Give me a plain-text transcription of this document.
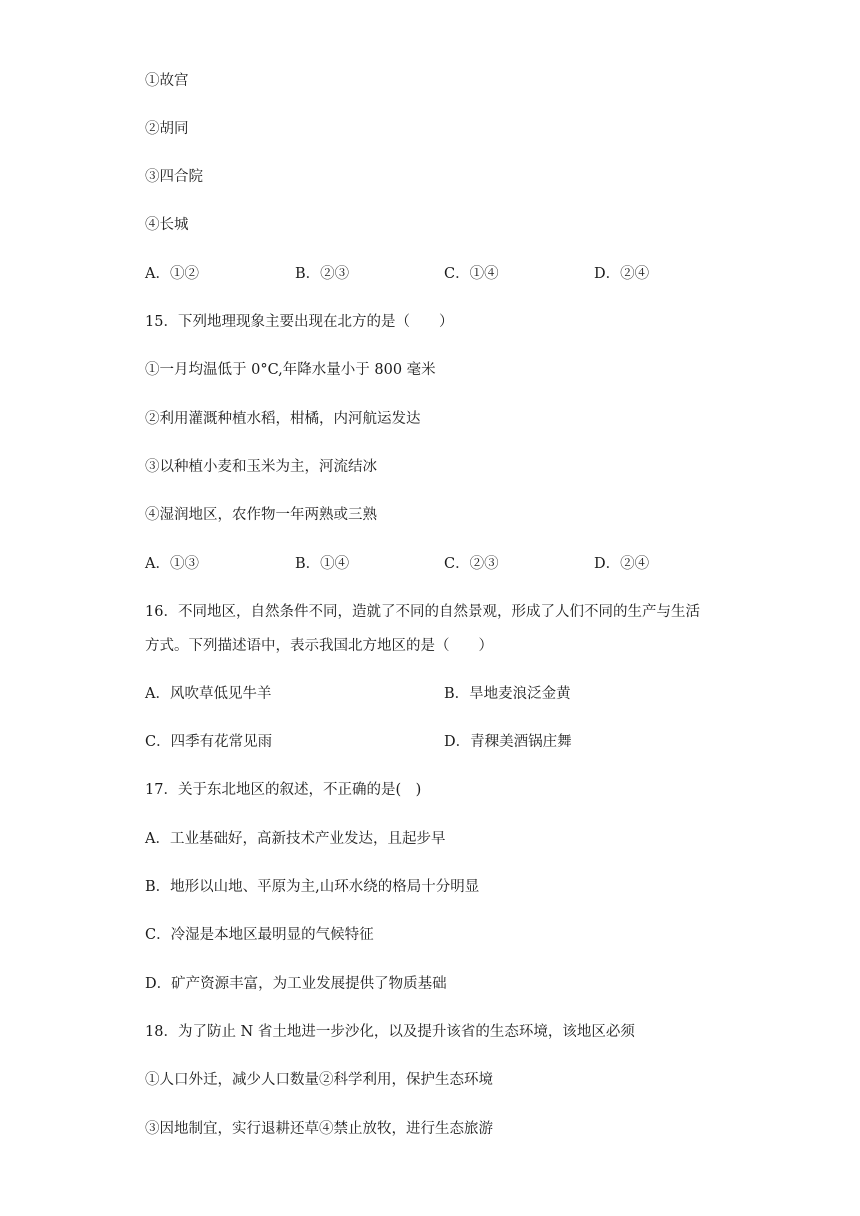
①故宫
②胡同
③四合院
④长城
A．①②	B．②③	C．①④	D．②④
15．下列地理现象主要出现在北方的是（　　）
①一月均温低于 0°C,年降水量小于 800 毫米
②利用灌溉种植水稻，柑橘，内河航运发达
③以种植小麦和玉米为主，河流结冰
④湿润地区，农作物一年两熟或三熟
A．①③	B．①④	C．②③	D．②④
16．不同地区，自然条件不同，造就了不同的自然景观，形成了人们不同的生产与生活
方式。下列描述语中，表示我国北方地区的是（　　）
A．风吹草低见牛羊	B．旱地麦浪泛金黄
C．四季有花常见雨	D．青稞美酒锅庄舞
17．关于东北地区的叙述，不正确的是(　)
A．工业基础好，高新技术产业发达，且起步早
B．地形以山地、平原为主,山环水绕的格局十分明显
C．冷湿是本地区最明显的气候特征
D．矿产资源丰富，为工业发展提供了物质基础
18．为了防止 N 省土地进一步沙化，以及提升该省的生态环境，该地区必须
①人口外迁，减少人口数量②科学利用，保护生态环境
③因地制宜，实行退耕还草④禁止放牧，进行生态旅游
